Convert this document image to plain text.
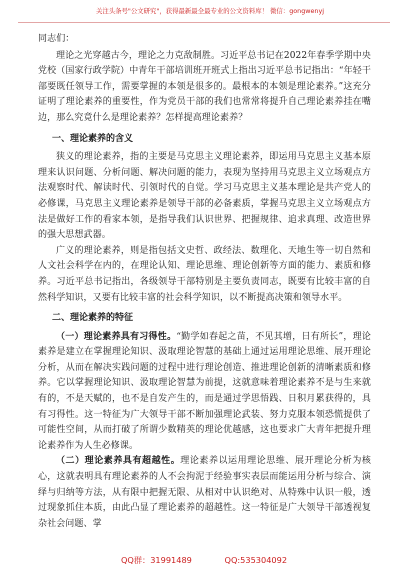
关注头条号"公文研究"，获得最新最全最专业的公文资料库！ 微信：gongwenyj

同志们：

理论之光穿越古今，理论之力克敌制胜。习近平总书记在2022年春季学期中央党校（国家行政学院）中青年干部培训班开班式上指出习近平总书记指出：“年轻干部要既任领导工作，需要掌握的本领是很多的。最根本的本领是理论素养。”这充分证明了理论素养的重要性，作为党员干部的我们也常常将提升自己理论素养挂在嘴边，那么究竟什么是理论素养？怎样提高理论素养？

一、理论素养的含义

狭义的理论素养，指的主要是马克思主义理论素养，即运用马克思主义基本原理来认识问题、分析问题、解决问题的能力，表现为坚持用马克思主义立场观点方法观察时代、解读时代、引领时代的自觉。学习马克思主义基本理论是共产党人的必修课，马克思主义理论素养是领导干部的必备素质，掌握马克思主义立场观点方法是做好工作的看家本领，是指导我们认识世界、把握规律、追求真理、改造世界的强大思想武器。

广义的理论素养，则是指包括文史哲、政经法、数理化、天地生等一切自然和人文社会科学在内的，在理论认知、理论思维、理论创新等方面的能力、素质和修养。习近平总书记指出，各级领导干部特别是主要负责同志，既要有比较丰富的自然科学知识，又要有比较丰富的社会科学知识，以不断提高决策和领导水平。

二、理论素养的特征

（一）理论素养具有习得性。“勤学如春起之苗，不见其增，日有所长”，理论素养是建立在掌握理论知识、汲取理论智慧的基础上通过运用理论思维、展开理论分析，从而在解决实践问题的过程中进行理论创造、推进理论创新的清晰素质和修养。它以掌握理论知识、汲取理论智慧为前提，这就意味着理论素养不是与生来就有的，不是天赋的，也不是自发产生的，而是通过学思悟践、日积月累获得的，具有习得性。这一特征为广大领导干部不断加强理论武装、努力克服本领恐慌提供了可能性空间，从而打破了所谓少数精英的理论优越感，这也要求广大青年把提升理论素养作为人生必修课。

（二）理论素养具有超越性。理论素养以运用理论思维、展开理论分析为核心，这就表明具有理论素养的人不会拘泥于经验事实表层而能运用分析与综合、演绎与归纳等方法，从有限中把握无限、从相对中认识绝对、从特殊中认识一般，透过现象抓住本质，由此凸显了理论素养的超越性。这一特征是广大领导干部透视复杂社会问题、掌

QQ群：31991489	QQ:535304092
